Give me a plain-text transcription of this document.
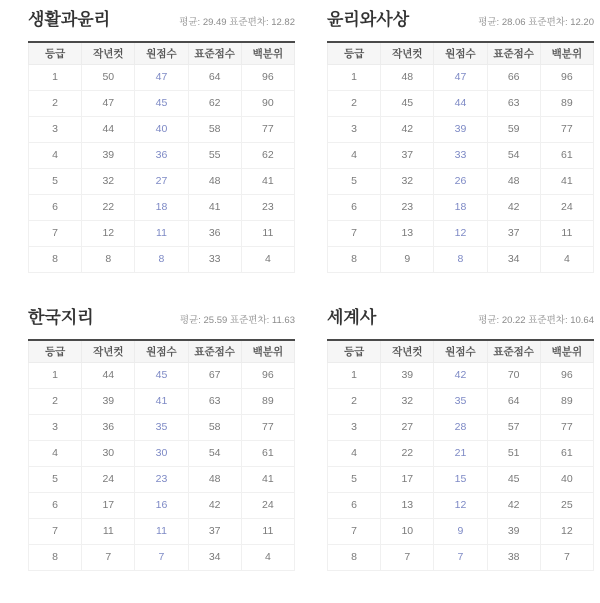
생활과윤리	평균: 29.49 표준편차: 12.82
등급	작년컷	원점수	표준점수	백분위
1	50	47	64	96
2	47	45	62	90
3	44	40	58	77
4	39	36	55	62
5	32	27	48	41
6	22	18	41	23
7	12	11	36	11
8	8	8	33	4
윤리와사상	평균: 28.06 표준편차: 12.20
등급	작년컷	원점수	표준점수	백분위
1	48	47	66	96
2	45	44	63	89
3	42	39	59	77
4	37	33	54	61
5	32	26	48	41
6	23	18	42	24
7	13	12	37	11
8	9	8	34	4
한국지리	평균: 25.59 표준편차: 11.63
등급	작년컷	원점수	표준점수	백분위
1	44	45	67	96
2	39	41	63	89
3	36	35	58	77
4	30	30	54	61
5	24	23	48	41
6	17	16	42	24
7	11	11	37	11
8	7	7	34	4
세계사	평균: 20.22 표준편차: 10.64
등급	작년컷	원점수	표준점수	백분위
1	39	42	70	96
2	32	35	64	89
3	27	28	57	77
4	22	21	51	61
5	17	15	45	40
6	13	12	42	25
7	10	9	39	12
8	7	7	38	7
